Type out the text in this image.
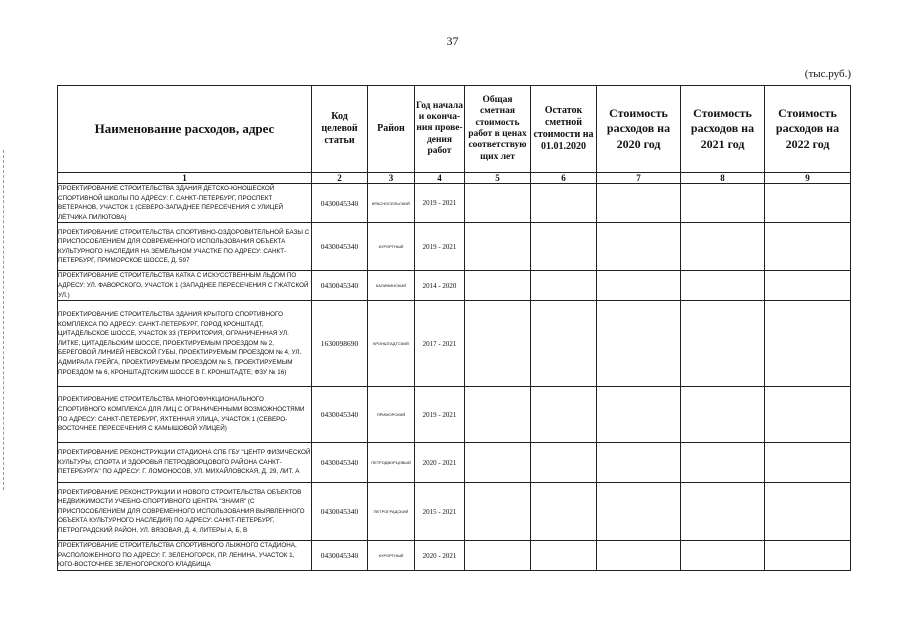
37
(тыс.руб.)
Наименование расходов, адрес	Код целевой статьи	Район	Год начала и оконча-ния прове-дения работ	Общая сметная стоимость работ в ценах соответствую щих лет	Остаток сметной стоимости на 01.01.2020	Стоимость расходов на 2020 год	Стоимость расходов на 2021 год	Стоимость расходов на 2022 год
1	2	3	4	5	6	7	8	9
ПРОЕКТИРОВАНИЕ СТРОИТЕЛЬСТВА ЗДАНИЯ ДЕТСКО-ЮНОШЕСКОЙ СПОРТИВНОЙ ШКОЛЫ ПО АДРЕСУ: Г. САНКТ-ПЕТЕРБУРГ, ПРОСПЕКТ ВЕТЕРАНОВ, УЧАСТОК 1 (СЕВЕРО-ЗАПАДНЕЕ ПЕРЕСЕЧЕНИЯ С УЛИЦЕЙ ЛЁТЧИКА ПИЛЮТОВА)	0430045340	КРАСНОСЕЛЬСКИЙ	2019 - 2021					
ПРОЕКТИРОВАНИЕ СТРОИТЕЛЬСТВА СПОРТИВНО-ОЗДОРОВИТЕЛЬНОЙ БАЗЫ С ПРИСПОСОБЛЕНИЕМ ДЛЯ СОВРЕМЕННОГО ИСПОЛЬЗОВАНИЯ ОБЪЕКТА КУЛЬТУРНОГО НАСЛЕДИЯ НА ЗЕМЕЛЬНОМ УЧАСТКЕ ПО АДРЕСУ: САНКТ-ПЕТЕРБУРГ, ПРИМОРСКОЕ ШОССЕ, Д. 597	0430045340	КУРОРТНЫЙ	2019 - 2021					
ПРОЕКТИРОВАНИЕ СТРОИТЕЛЬСТВА КАТКА С ИСКУССТВЕННЫМ ЛЬДОМ ПО АДРЕСУ: УЛ. ФАВОРСКОГО, УЧАСТОК 1 (ЗАПАДНЕЕ ПЕРЕСЕЧЕНИЯ С ГЖАТСКОЙ УЛ.)	0430045340	КАЛИНИНСКИЙ	2014 - 2020					
ПРОЕКТИРОВАНИЕ СТРОИТЕЛЬСТВА ЗДАНИЯ КРЫТОГО СПОРТИВНОГО КОМПЛЕКСА ПО АДРЕСУ: САНКТ-ПЕТЕРБУРГ, ГОРОД КРОНШТАДТ, ЦИТАДЕЛЬСКОЕ ШОССЕ, УЧАСТОК 33 (ТЕРРИТОРИЯ, ОГРАНИЧЕННАЯ УЛ. ЛИТКЕ, ЦИТАДЕЛЬСКИМ ШОССЕ, ПРОЕКТИРУЕМЫМ ПРОЕЗДОМ № 2, БЕРЕГОВОЙ ЛИНИЕЙ НЕВСКОЙ ГУБЫ, ПРОЕКТИРУЕМЫМ ПРОЕЗДОМ № 4, УЛ. АДМИРАЛА ГРЕЙГА, ПРОЕКТИРУЕМЫМ ПРОЕЗДОМ № 5, ПРОЕКТИРУЕМЫМ ПРОЕЗДОМ № 6, КРОНШТАДТСКИМ ШОССЕ В Г. КРОНШТАДТЕ; ФЗУ № 16)	1630098690	КРОНШТАДТСКИЙ	2017 - 2021					
ПРОЕКТИРОВАНИЕ СТРОИТЕЛЬСТВА МНОГОФУНКЦИОНАЛЬНОГО СПОРТИВНОГО КОМПЛЕКСА ДЛЯ ЛИЦ С ОГРАНИЧЕННЫМИ ВОЗМОЖНОСТЯМИ ПО АДРЕСУ: САНКТ-ПЕТЕРБУРГ, ЯХТЕННАЯ УЛИЦА, УЧАСТОК 1 (СЕВЕРО-ВОСТОЧНЕЕ ПЕРЕСЕЧЕНИЯ С КАМЫШОВОЙ УЛИЦЕЙ)	0430045340	ПРИМОРСКИЙ	2019 - 2021					
ПРОЕКТИРОВАНИЕ РЕКОНСТРУКЦИИ СТАДИОНА СПБ ГБУ "ЦЕНТР ФИЗИЧЕСКОЙ КУЛЬТУРЫ, СПОРТА И ЗДОРОВЬЯ ПЕТРОДВОРЦОВОГО РАЙОНА САНКТ-ПЕТЕРБУРГА" ПО АДРЕСУ: Г. ЛОМОНОСОВ, УЛ. МИХАЙЛОВСКАЯ, Д. 29, ЛИТ. А	0430045340	ПЕТРОДВОРЦОВЫЙ	2020 - 2021					
ПРОЕКТИРОВАНИЕ РЕКОНСТРУКЦИИ И НОВОГО СТРОИТЕЛЬСТВА ОБЪЕКТОВ НЕДВИЖИМОСТИ УЧЕБНО-СПОРТИВНОГО ЦЕНТРА "ЗНАМЯ" (С ПРИСПОСОБЛЕНИЕМ ДЛЯ СОВРЕМЕННОГО ИСПОЛЬЗОВАНИЯ ВЫЯВЛЕННОГО ОБЪЕКТА КУЛЬТУРНОГО НАСЛЕДИЯ) ПО АДРЕСУ: САНКТ-ПЕТЕРБУРГ, ПЕТРОГРАДСКИЙ РАЙОН, УЛ. ВЯЗОВАЯ, Д. 4, ЛИТЕРЫ А, Б, В	0430045340	ПЕТРОГРАДСКИЙ	2015 - 2021					
ПРОЕКТИРОВАНИЕ СТРОИТЕЛЬСТВА СПОРТИВНОГО ЛЫЖНОГО СТАДИОНА, РАСПОЛОЖЕННОГО ПО АДРЕСУ: Г. ЗЕЛЕНОГОРСК, ПР. ЛЕНИНА, УЧАСТОК 1, ЮГО-ВОСТОЧНЕЕ ЗЕЛЕНОГОРСКОГО КЛАДБИЩА	0430045340	КУРОРТНЫЙ	2020 - 2021					
